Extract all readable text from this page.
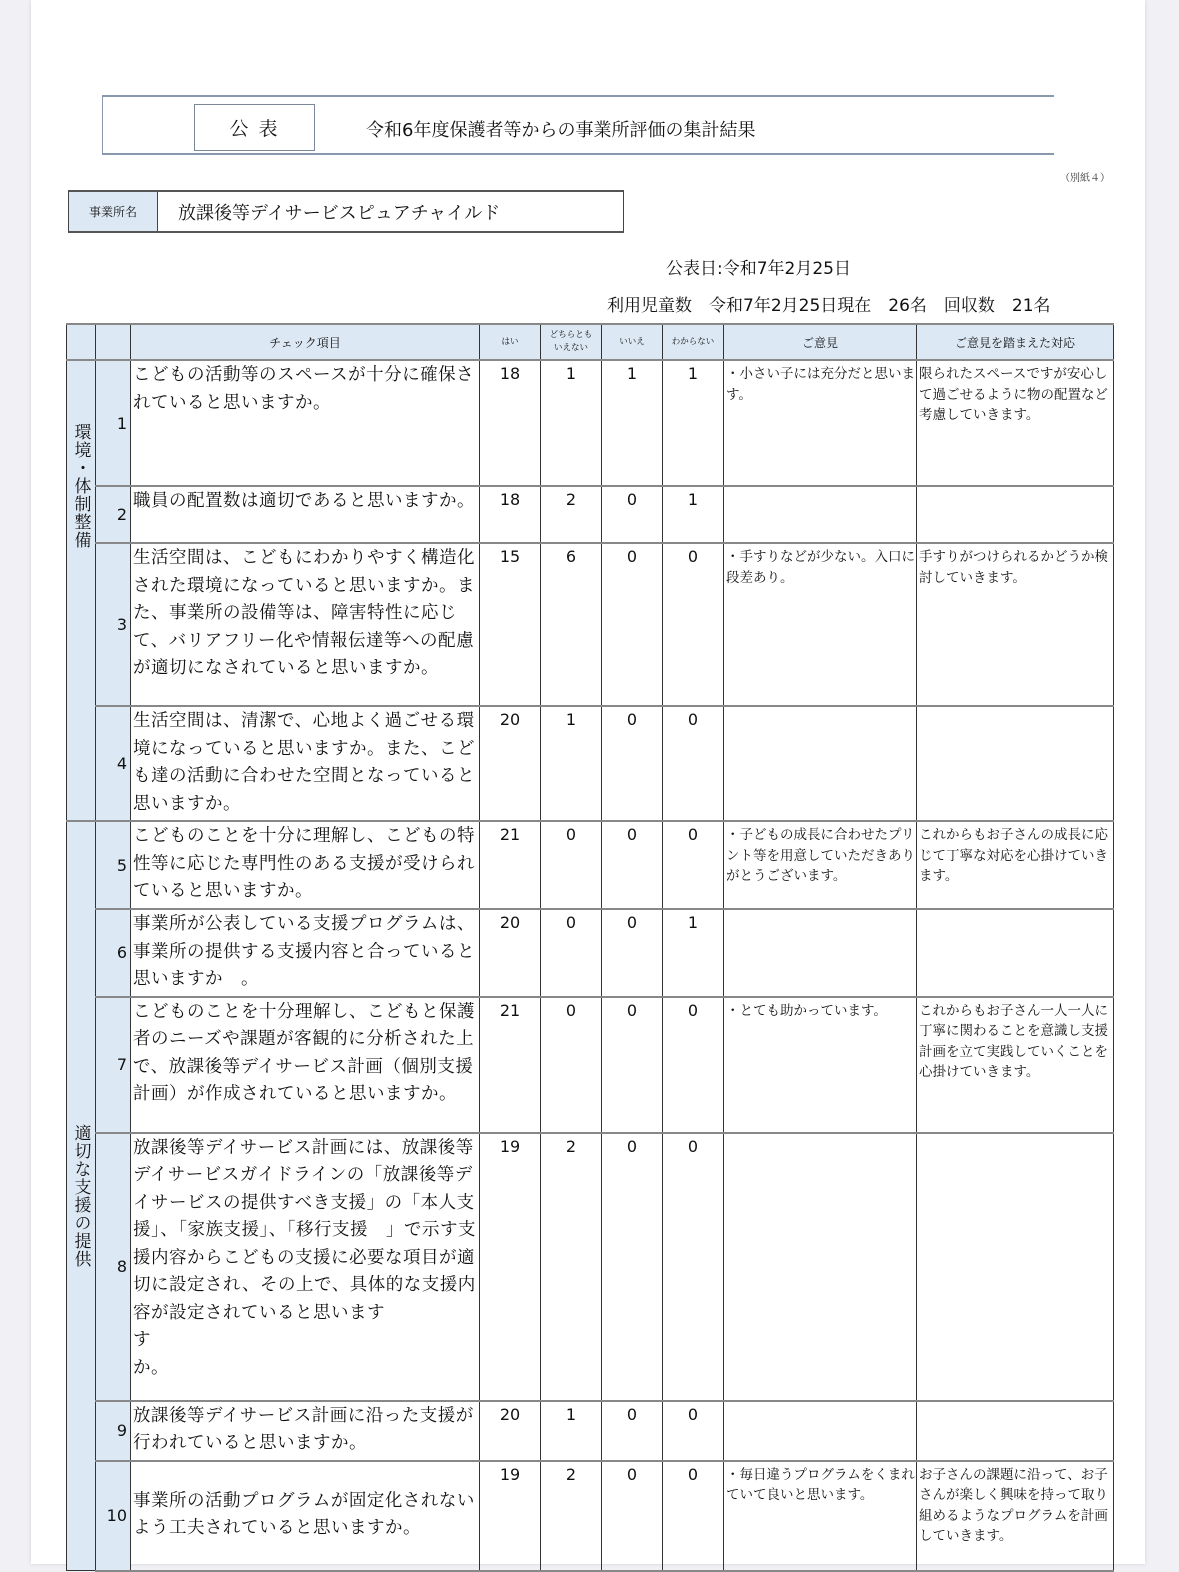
公表	令和6年度保護者等からの事業所評価の集計結果
（別紙４）
事業所名	放課後等デイサービスピュアチャイルド
公表日:令和7年2月25日
利用児童数　令和7年2月25日現在　26名　回収数　21名
		チェック項目	はい	どちらとも
いえない	いいえ	わからない	ご意見	ご意見を踏まえた対応

環境・体制整備	1	こどもの活動等のスペースが十分に確保されていると思いますか。	18	1	1	1	・小さい子には充分だと思います。	限られたスペースですが安心して過ごせるように物の配置など考慮していきます。
	2	職員の配置数は適切であると思いますか。	18	2	0	1		
	3	生活空間は、こどもにわかりやすく構造化された環境になっていると思いますか。また、事業所の設備等は、障害特性に応じて、バリアフリー化や情報伝達等への配慮が適切になされていると思いますか。	15	6	0	0	・手すりなどが少ない。入口に段差あり。	手すりがつけられるかどうか検討していきます。
	4	生活空間は、清潔で、心地よく過ごせる環境になっていると思いますか。また、こども達の活動に合わせた空間となっていると思いますか。	20	1	0	0		

適切な支援の提供	5	こどものことを十分に理解し、こどもの特性等に応じた専門性のある支援が受けられていると思いますか。	21	0	0	0	・子どもの成長に合わせたプリント等を用意していただきありがとうございます。	これからもお子さんの成長に応じて丁寧な対応を心掛けていきます。
	6	事業所が公表している支援プログラムは、事業所の提供する支援内容と合っていると思いますか　。	20	0	0	1		
	7	こどものことを十分理解し、こどもと保護者のニーズや課題が客観的に分析された上で、放課後等デイサービス計画（個別支援計画）が作成されていると思いますか。	21	0	0	0	・とても助かっています。	これからもお子さん一人一人に丁寧に関わることを意識し支援計画を立て実践していくことを心掛けていきます。
	8	放課後等デイサービス計画には、放課後等デイサービスガイドラインの「放課後等デイサービスの提供すべき支援」の「本人支援」、「家族支援」、「移行支援　」で示す支援内容からこどもの支援に必要な項目が適切に設定され、その上で、具体的な支援内容が設定されていると思います
す
か。	19	2	0	0		
	9	放課後等デイサービス計画に沿った支援が行われていると思いますか。	20	1	0	0		
	10	事業所の活動プログラムが固定化されないよう工夫されていると思いますか。	19	2	0	0	・毎日違うプログラムをくまれていて良いと思います。	お子さんの課題に沿って、お子さんが楽しく興味を持って取り組めるようなプログラムを計画していきます。
